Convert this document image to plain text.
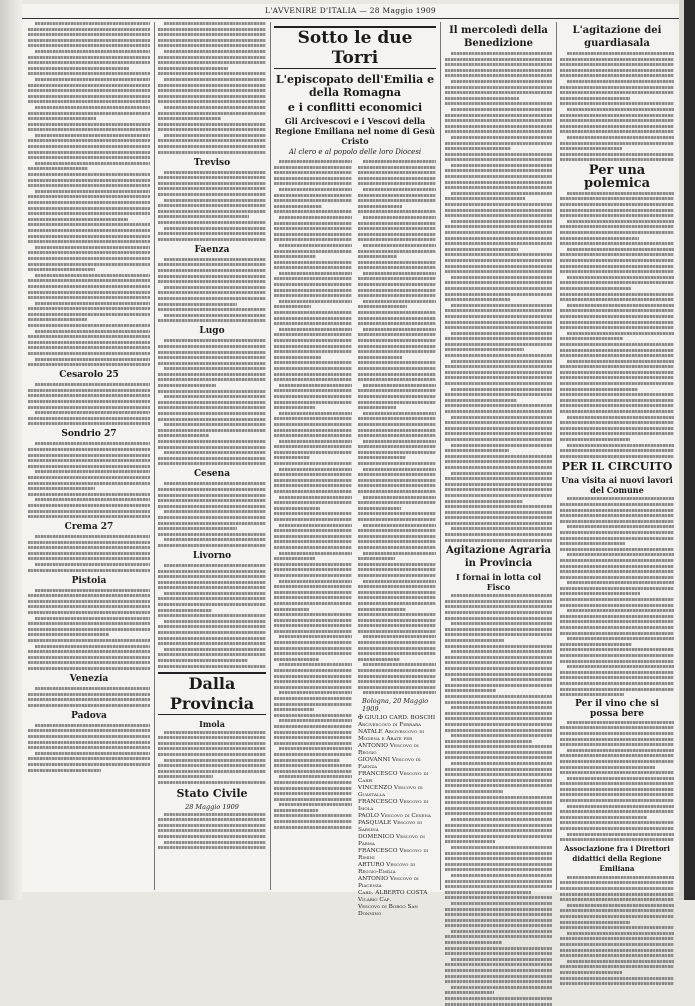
L'AVVENIRE D'ITALIA — 28 Maggio 1909
Cesarolo 25
Sondrio 27
Crema 27
Pistoia
Venezia
Padova
Treviso
Faenza
Lugo
Cesena
Livorno
Dalla Provincia
Imola
Stato Civile
28 Maggio 1909
Sotto le due Torri
L'episcopato dell'Emilia e della Romagna
e i conflitti economici
Gli Arcivescovi e i Vescovi della Regione Emiliana nel nome di Gesù Cristo
Al clero e al popolo delle loro Diocesi
Bologna, 20 Maggio 1909.
✠ GIULIO CARD. BOSCHI Arcivescovo di Ferrara
NATALE Arcivescovo di Modena e Abate per
ANTONIO Vescovo di Reggio
GIOVANNI Vescovo di Faenza
FRANCESCO Vescovo di Carpi
VINCENZO Vescovo di Guastalla
FRANCESCO Vescovo di Imola
PAOLO Vescovo di Cesena
PASQUALE Vescovo di Sarsina
DOMENICO Vescovo di Parma
FRANCESCO Vescovo di Rimini
ARTURO Vescovo di Reggio-Emilia
ANTONIO Vescovo di Piacenza
Card. ALBERTO COSTA Vicario Cap.
Vescovo di Borgo San Donnino
Il mercoledì della Benedizione
Agitazione Agraria in Provincia
I fornai in lotta col Fisco
L'agitazione dei guardiasala
Per una polemica
PER IL CIRCUITO
Una visita ai nuovi lavori del Comune
Per il vino che si possa bere
Associazione fra i Direttori didattici della Regione Emiliana
